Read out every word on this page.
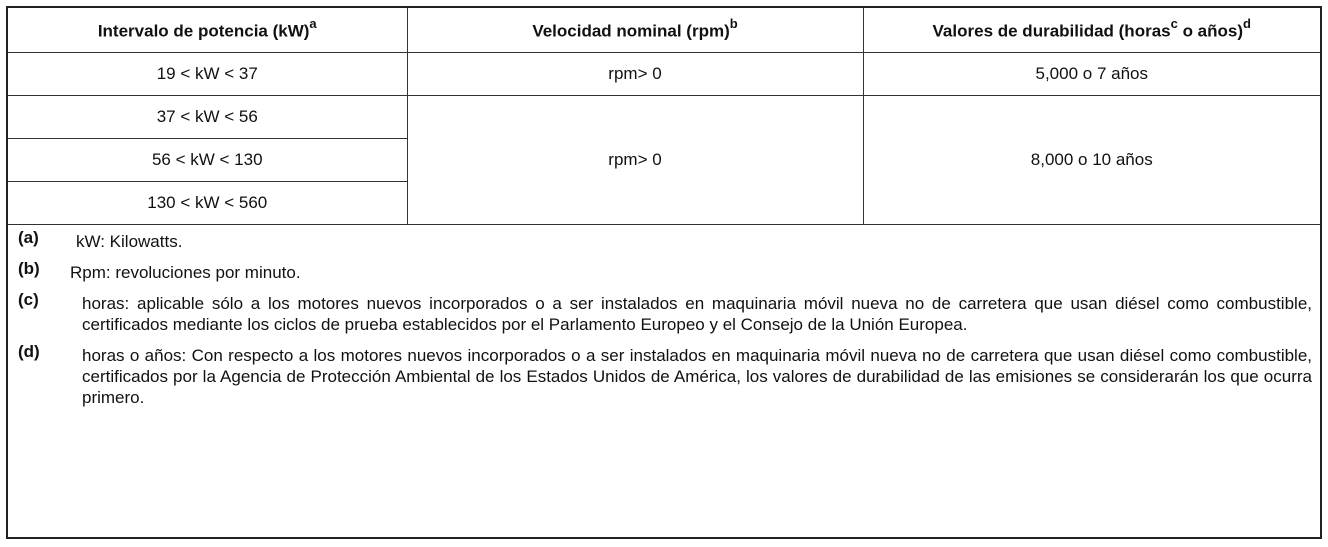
Intervalo de potencia (kW)$^a$	Velocidad nominal (rpm)$^b$	Valores de durabilidad (horas$^c$ o años)$^d$
19 < kW < 37	rpm> 0	5,000 o 7 años
37 < kW < 56	rpm> 0	8,000 o 10 años
56 < kW < 130		
130 < kW < 560		
(a)	kW: Kilowatts.
(b)	Rpm: revoluciones por minuto.
(c)	horas: aplicable sólo a los motores nuevos incorporados o a ser instalados en maquinaria móvil nueva no de carretera que usan diésel como combustible, certificados mediante los ciclos de prueba establecidos por el Parlamento Europeo y el Consejo de la Unión Europea.
(d)	horas o años: Con respecto a los motores nuevos incorporados o a ser instalados en maquinaria móvil nueva no de carretera que usan diésel como combustible, certificados por la Agencia de Protección Ambiental de los Estados Unidos de América, los valores de durabilidad de las emisiones se considerarán los que ocurra primero.
